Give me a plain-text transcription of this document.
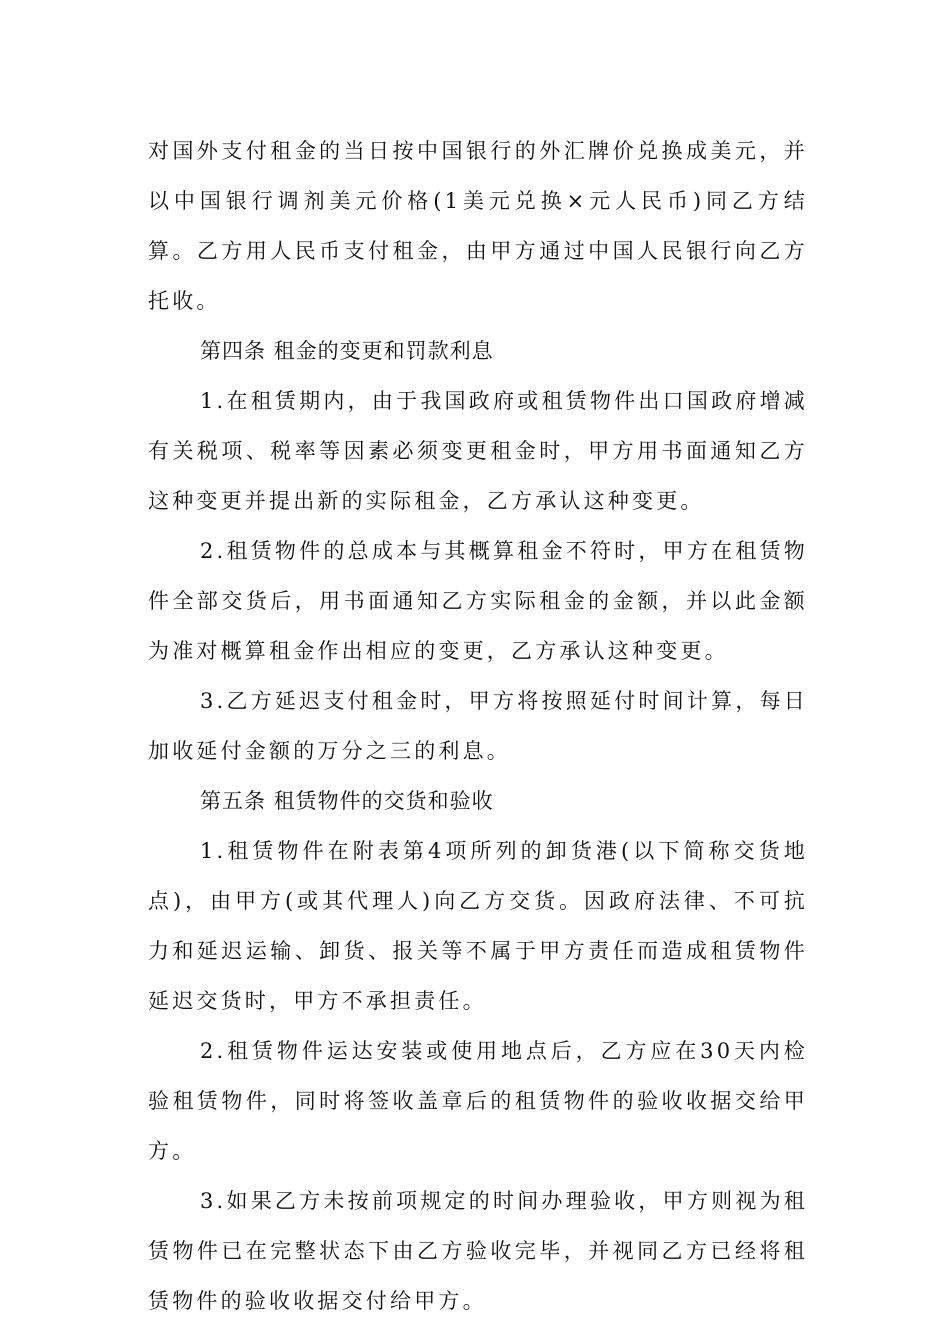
对国外支付租金的当日按中国银行的外汇牌价兑换成美元，并以中国银行调剂美元价格(1美元兑换×元人民币)同乙方结算。乙方用人民币支付租金，由甲方通过中国人民银行向乙方托收。

第四条 租金的变更和罚款利息

1.在租赁期内，由于我国政府或租赁物件出口国政府增减有关税项、税率等因素必须变更租金时，甲方用书面通知乙方这种变更并提出新的实际租金，乙方承认这种变更。

2.租赁物件的总成本与其概算租金不符时，甲方在租赁物件全部交货后，用书面通知乙方实际租金的金额，并以此金额为准对概算租金作出相应的变更，乙方承认这种变更。

3.乙方延迟支付租金时，甲方将按照延付时间计算，每日加收延付金额的万分之三的利息。

第五条 租赁物件的交货和验收

1.租赁物件在附表第4项所列的卸货港(以下简称交货地点)，由甲方(或其代理人)向乙方交货。因政府法律、不可抗力和延迟运输、卸货、报关等不属于甲方责任而造成租赁物件延迟交货时，甲方不承担责任。

2.租赁物件运达安装或使用地点后，乙方应在30天内检验租赁物件，同时将签收盖章后的租赁物件的验收收据交给甲方。

3.如果乙方未按前项规定的时间办理验收，甲方则视为租赁物件已在完整状态下由乙方验收完毕，并视同乙方已经将租赁物件的验收收据交付给甲方。
